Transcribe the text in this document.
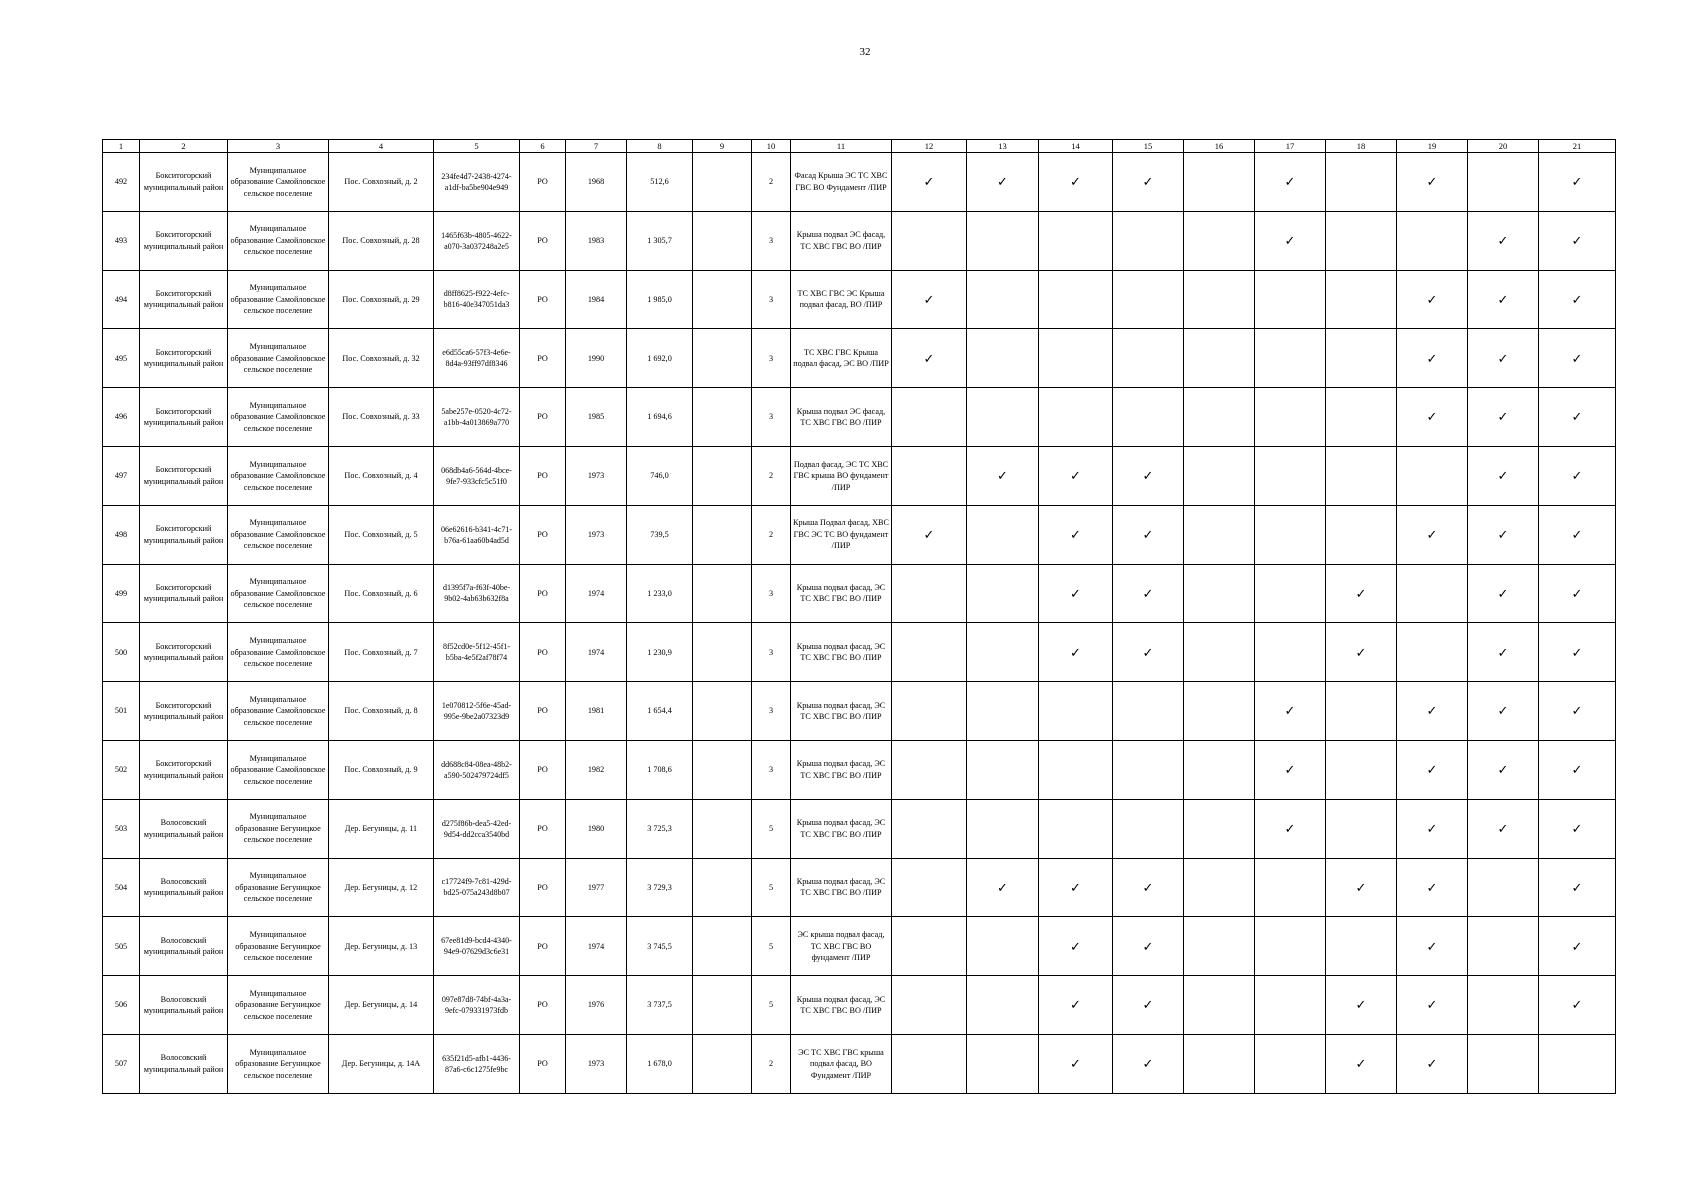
32
1	2	3	4	5	6	7	8	9	10	11	12	13	14	15	16	17	18	19	20	21
492	Бокситогорский муниципальный район	Муниципальное образование Самойловское сельское поселение	Пос. Совхозный, д. 2	234fe4d7-2438-4274-a1df-ba5be904e949	РО	1968	512,6		2	Фасад Крыша ЭС ТС ХВС ГВС ВО Фундамент /ПИР	✓	✓	✓	✓		✓		✓		✓
493	Бокситогорский муниципальный район	Муниципальное образование Самойловское сельское поселение	Пос. Совхозный, д. 28	1465f63b-4805-4622-a070-3a037248a2e5	РО	1983	1 305,7		3	Крыша подвал ЭС фасад, ТС ХВС ГВС ВО /ПИР						✓			✓	✓
494	Бокситогорский муниципальный район	Муниципальное образование Самойловское сельское поселение	Пос. Совхозный, д. 29	d8ff8625-f922-4efc-b816-40e347051da3	РО	1984	1 985,0		3	ТС ХВС ГВС ЭС Крыша подвал фасад, ВО /ПИР	✓							✓	✓	✓
495	Бокситогорский муниципальный район	Муниципальное образование Самойловское сельское поселение	Пос. Совхозный, д. 32	e6d55ca6-57f3-4e6e-8d4a-93ff97df8346	РО	1990	1 692,0		3	ТС ХВС ГВС Крыша подвал фасад, ЭС ВО /ПИР	✓							✓	✓	✓
496	Бокситогорский муниципальный район	Муниципальное образование Самойловское сельское поселение	Пос. Совхозный, д. 33	5abe257e-0520-4c72-a1bb-4a013869a770	РО	1985	1 694,6		3	Крыша подвал ЭС фасад, ТС ХВС ГВС ВО /ПИР								✓	✓	✓
497	Бокситогорский муниципальный район	Муниципальное образование Самойловское сельское поселение	Пос. Совхозный, д. 4	068db4a6-564d-4bce-9fe7-933cfc5c51f0	РО	1973	746,0		2	Подвал фасад, ЭС ТС ХВС ГВС крыша ВО фундамент /ПИР		✓	✓	✓					✓	✓
498	Бокситогорский муниципальный район	Муниципальное образование Самойловское сельское поселение	Пос. Совхозный, д. 5	06e62616-b341-4c71-b76a-61aa60b4ad5d	РО	1973	739,5		2	Крыша Подвал фасад, ХВС ГВС ЭС ТС ВО фундамент /ПИР	✓		✓	✓				✓	✓	✓
499	Бокситогорский муниципальный район	Муниципальное образование Самойловское сельское поселение	Пос. Совхозный, д. 6	d1395f7a-f63f-40be-9b02-4ab63b632f8a	РО	1974	1 233,0		3	Крыша подвал фасад, ЭС ТС ХВС ГВС ВО /ПИР			✓	✓			✓		✓	✓
500	Бокситогорский муниципальный район	Муниципальное образование Самойловское сельское поселение	Пос. Совхозный, д. 7	8f52cd0e-5f12-45f1-b5ba-4e5f2af78f74	РО	1974	1 230,9		3	Крыша подвал фасад, ЭС ТС ХВС ГВС ВО /ПИР			✓	✓			✓		✓	✓
501	Бокситогорский муниципальный район	Муниципальное образование Самойловское сельское поселение	Пос. Совхозный, д. 8	1e070812-5f6e-45ad-995e-9be2a07323d9	РО	1981	1 654,4		3	Крыша подвал фасад, ЭС ТС ХВС ГВС ВО /ПИР						✓		✓	✓	✓
502	Бокситогорский муниципальный район	Муниципальное образование Самойловское сельское поселение	Пос. Совхозный, д. 9	dd688c84-08ea-48b2-a590-502479724df5	РО	1982	1 708,6		3	Крыша подвал фасад, ЭС ТС ХВС ГВС ВО /ПИР						✓		✓	✓	✓
503	Волосовский муниципальный район	Муниципальное образование Бегуницкое сельское поселение	Дер. Бегуницы, д. 11	d275f86b-dea5-42ed-9d54-dd2cca3540bd	РО	1980	3 725,3		5	Крыша подвал фасад, ЭС ТС ХВС ГВС ВО /ПИР						✓		✓	✓	✓
504	Волосовский муниципальный район	Муниципальное образование Бегуницкое сельское поселение	Дер. Бегуницы, д. 12	c17724f9-7c81-429d-bd25-075a243d8b07	РО	1977	3 729,3		5	Крыша подвал фасад, ЭС ТС ХВС ГВС ВО /ПИР		✓	✓	✓			✓	✓		✓
505	Волосовский муниципальный район	Муниципальное образование Бегуницкое сельское поселение	Дер. Бегуницы, д. 13	67ee81d9-bcd4-4340-94e9-07629d3c6e31	РО	1974	3 745,5		5	ЭС крыша подвал фасад, ТС ХВС ГВС ВО фундамент /ПИР			✓	✓				✓		✓
506	Волосовский муниципальный район	Муниципальное образование Бегуницкое сельское поселение	Дер. Бегуницы, д. 14	097e87d8-74bf-4a3a-9efc-079331973fdb	РО	1976	3 737,5		5	Крыша подвал фасад, ЭС ТС ХВС ГВС ВО /ПИР			✓	✓			✓	✓		✓
507	Волосовский муниципальный район	Муниципальное образование Бегуницкое сельское поселение	Дер. Бегуницы, д. 14А	635f21d5-afb1-4436-87a6-c6c1275fe9bc	РО	1973	1 678,0		2	ЭС ТС ХВС ГВС крыша подвал фасад, ВО Фундамент /ПИР			✓	✓			✓	✓		
